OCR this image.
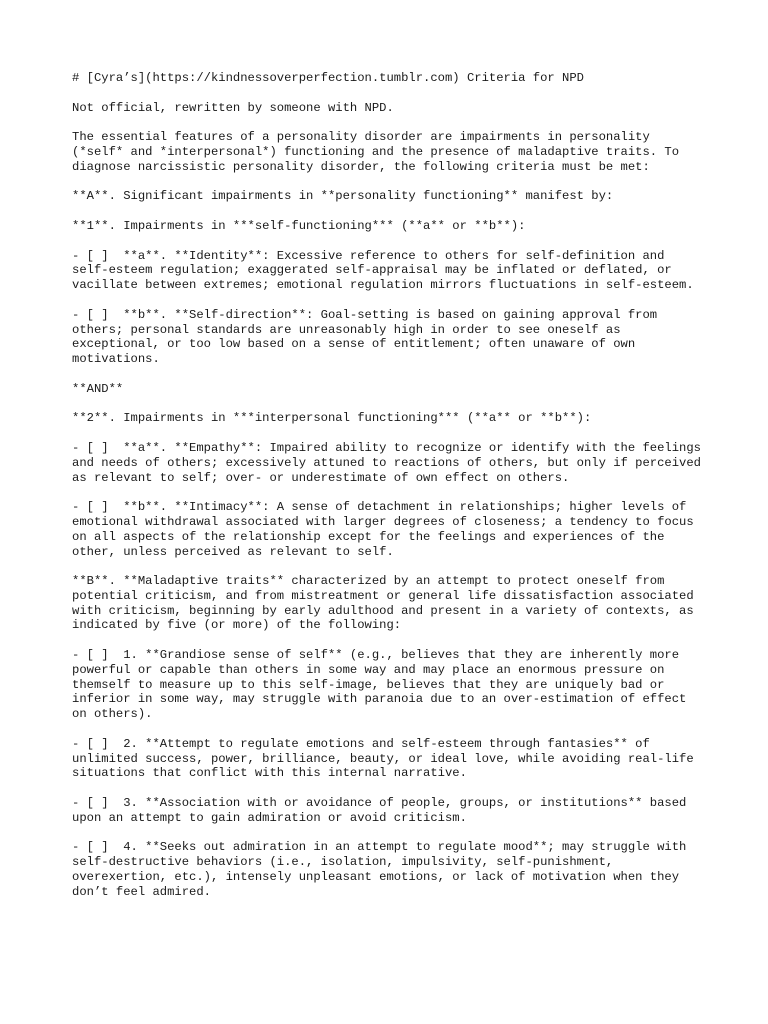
# [Cyra’s](https://kindnessoverperfection.tumblr.com) Criteria for NPD

Not official, rewritten by someone with NPD.

The essential features of a personality disorder are impairments in personality (*self* and *interpersonal*) functioning and the presence of maladaptive traits. To diagnose narcissistic personality disorder, the following criteria must be met:

**A**. Significant impairments in **personality functioning** manifest by:

**1**. Impairments in ***self-functioning*** (**a** or **b**):

- [ ]  **a**. **Identity**: Excessive reference to others for self-definition and self-esteem regulation; exaggerated self-appraisal may be inflated or deflated, or vacillate between extremes; emotional regulation mirrors fluctuations in self-esteem.

- [ ]  **b**. **Self-direction**: Goal-setting is based on gaining approval from others; personal standards are unreasonably high in order to see oneself as exceptional, or too low based on a sense of entitlement; often unaware of own motivations.

**AND**

**2**. Impairments in ***interpersonal functioning*** (**a** or **b**):

- [ ]  **a**. **Empathy**: Impaired ability to recognize or identify with the feelings and needs of others; excessively attuned to reactions of others, but only if perceived as relevant to self; over- or underestimate of own effect on others.

- [ ]  **b**. **Intimacy**: A sense of detachment in relationships; higher levels of emotional withdrawal associated with larger degrees of closeness; a tendency to focus on all aspects of the relationship except for the feelings and experiences of the other, unless perceived as relevant to self.

**B**. **Maladaptive traits** characterized by an attempt to protect oneself from potential criticism, and from mistreatment or general life dissatisfaction associated with criticism, beginning by early adulthood and present in a variety of contexts, as indicated by five (or more) of the following:

- [ ]  1. **Grandiose sense of self** (e.g., believes that they are inherently more powerful or capable than others in some way and may place an enormous pressure on themself to measure up to this self-image, believes that they are uniquely bad or inferior in some way, may struggle with paranoia due to an over-estimation of effect on others).

- [ ]  2. **Attempt to regulate emotions and self-esteem through fantasies** of unlimited success, power, brilliance, beauty, or ideal love, while avoiding real-life situations that conflict with this internal narrative.

- [ ]  3. **Association with or avoidance of people, groups, or institutions** based upon an attempt to gain admiration or avoid criticism.

- [ ]  4. **Seeks out admiration in an attempt to regulate mood**; may struggle with self-destructive behaviors (i.e., isolation, impulsivity, self-punishment, overexertion, etc.), intensely unpleasant emotions, or lack of motivation when they don’t feel admired.
